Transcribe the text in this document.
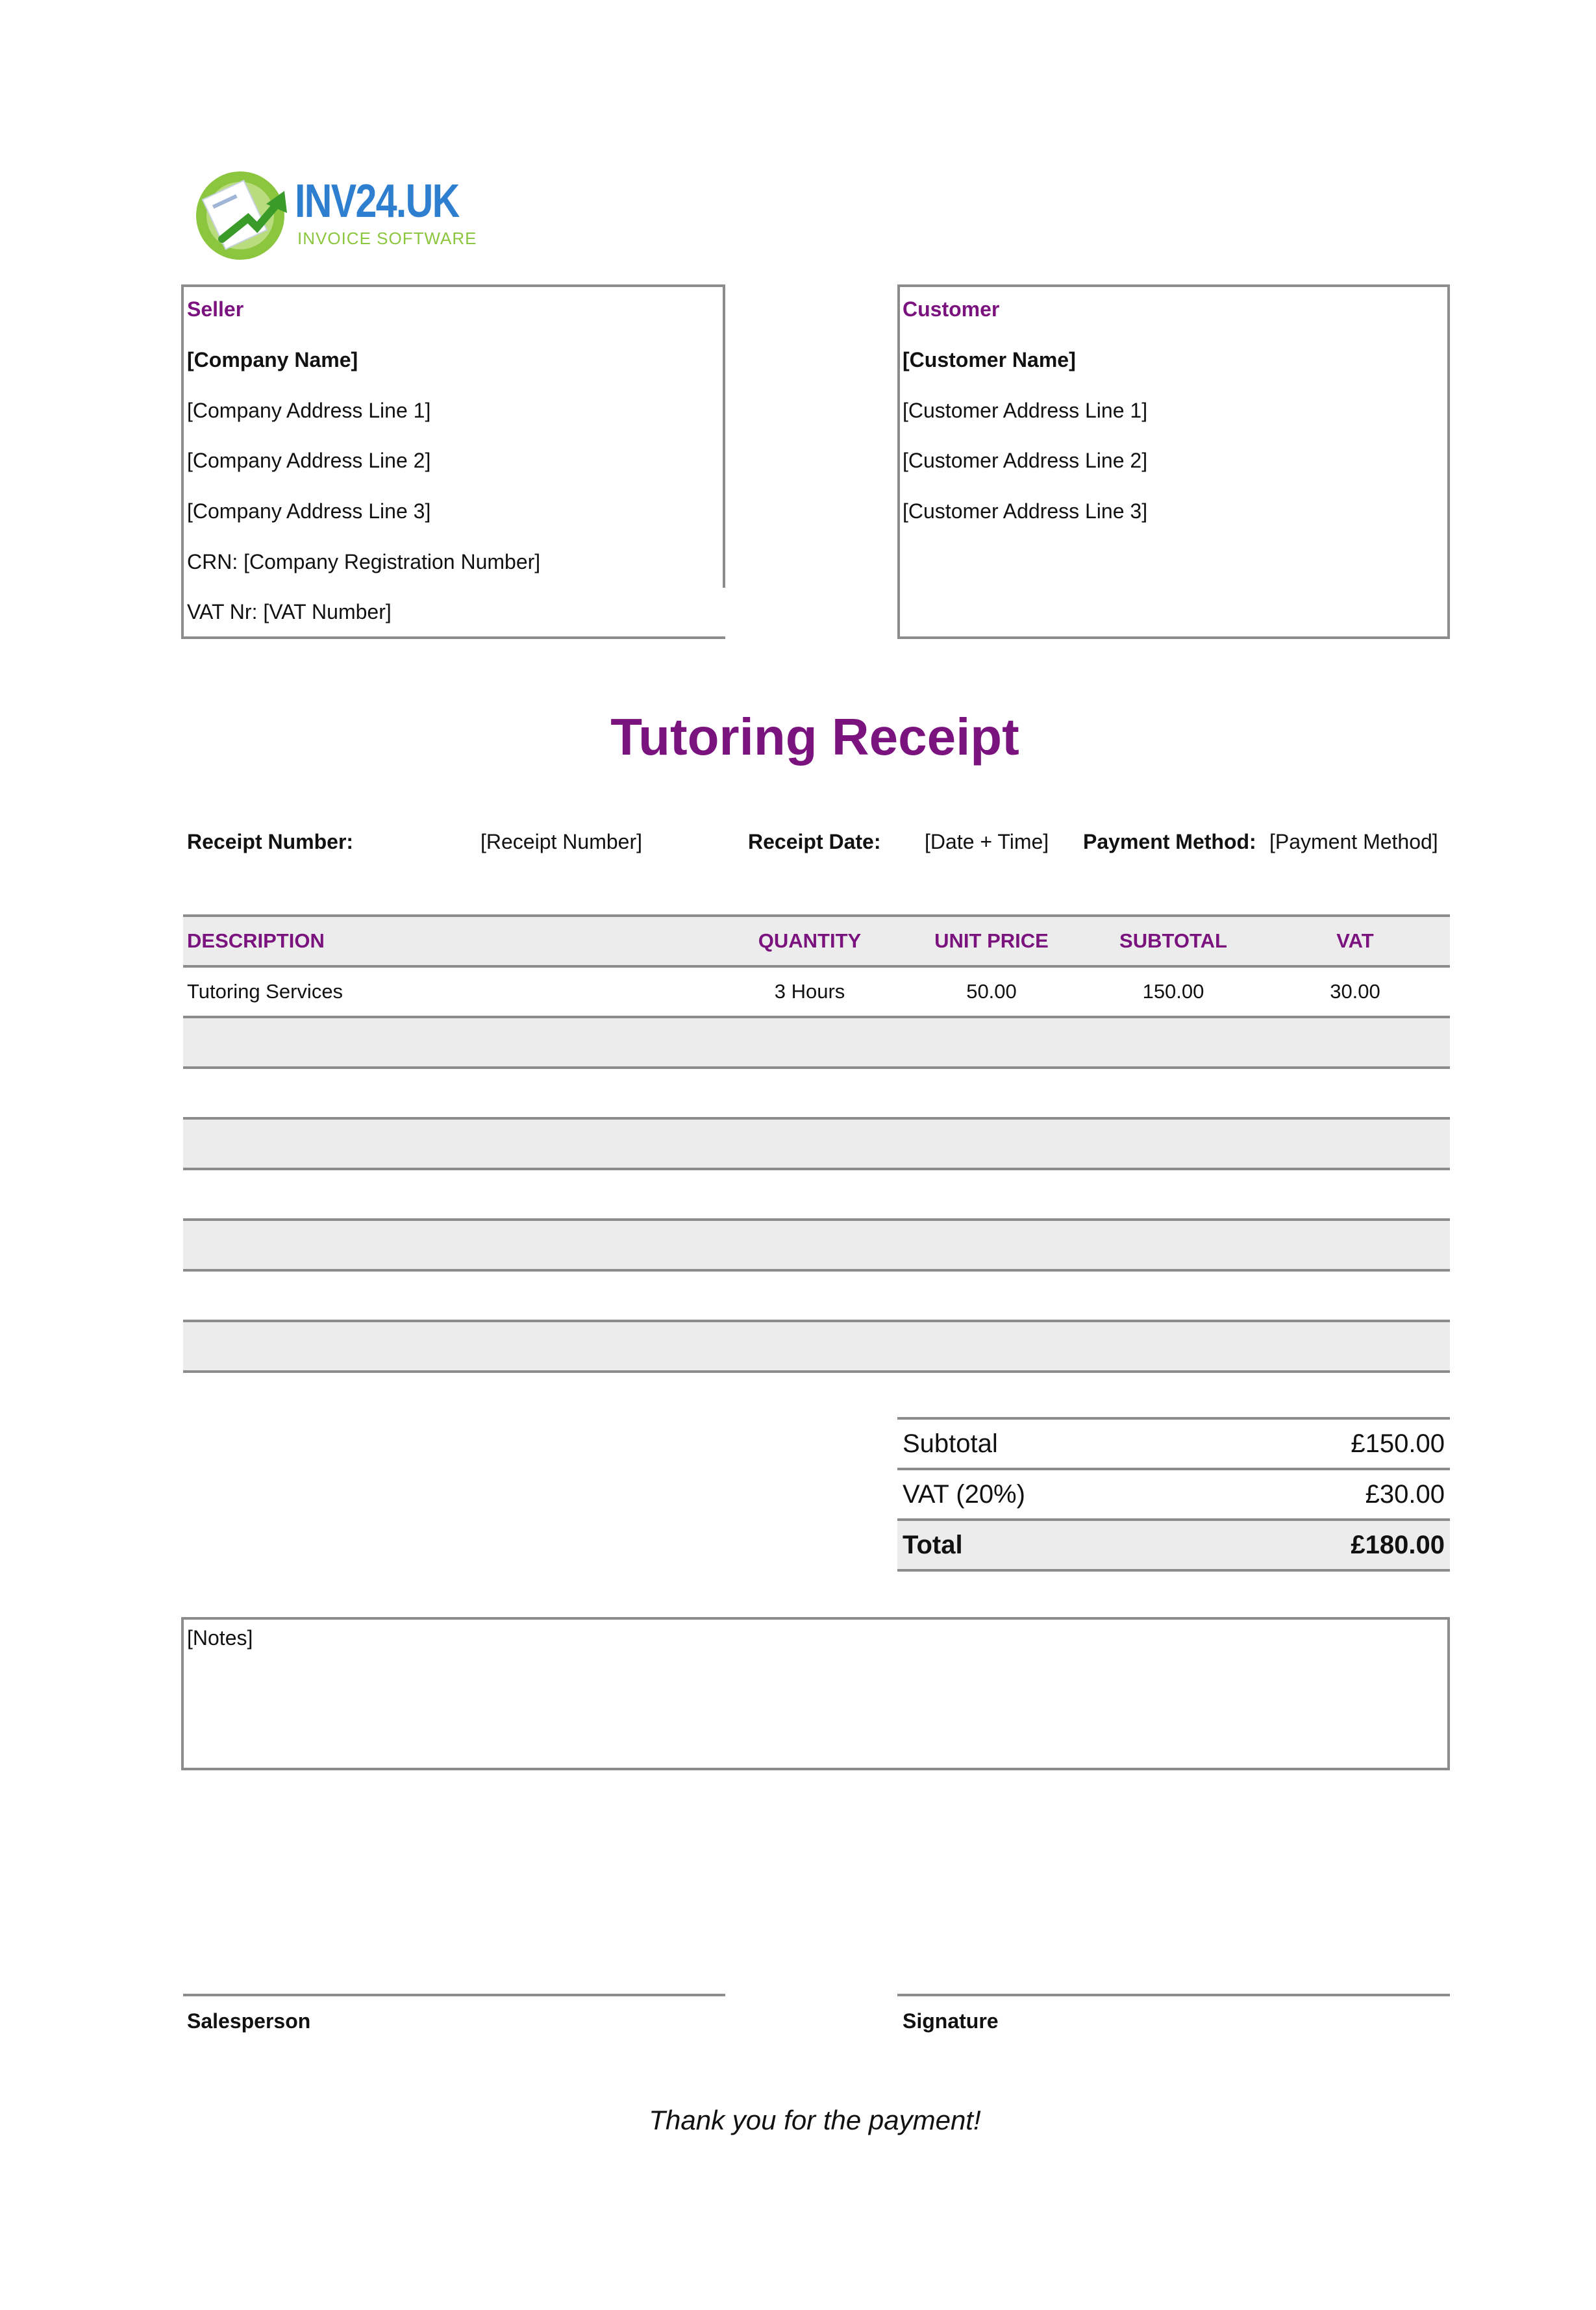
INV24.UK
INVOICE SOFTWARE
Seller
[Company Name]
[Company Address Line 1]
[Company Address Line 2]
[Company Address Line 3]
CRN: [Company Registration Number]
VAT Nr: [VAT Number]
Customer
[Customer Name]
[Customer Address Line 1]
[Customer Address Line 2]
[Customer Address Line 3]
Tutoring Receipt
Receipt Number:	[Receipt Number]	Receipt Date: [Date + Time] Payment Method: [Payment Method]
DESCRIPTION	QUANTITY	UNIT PRICE	SUBTOTAL	VAT
Tutoring Services	3 Hours	50.00	150.00	30.00
Subtotal	£150.00
VAT (20%)	£30.00
Total	£180.00
[Notes]
Salesperson	Signature
Thank you for the payment!
